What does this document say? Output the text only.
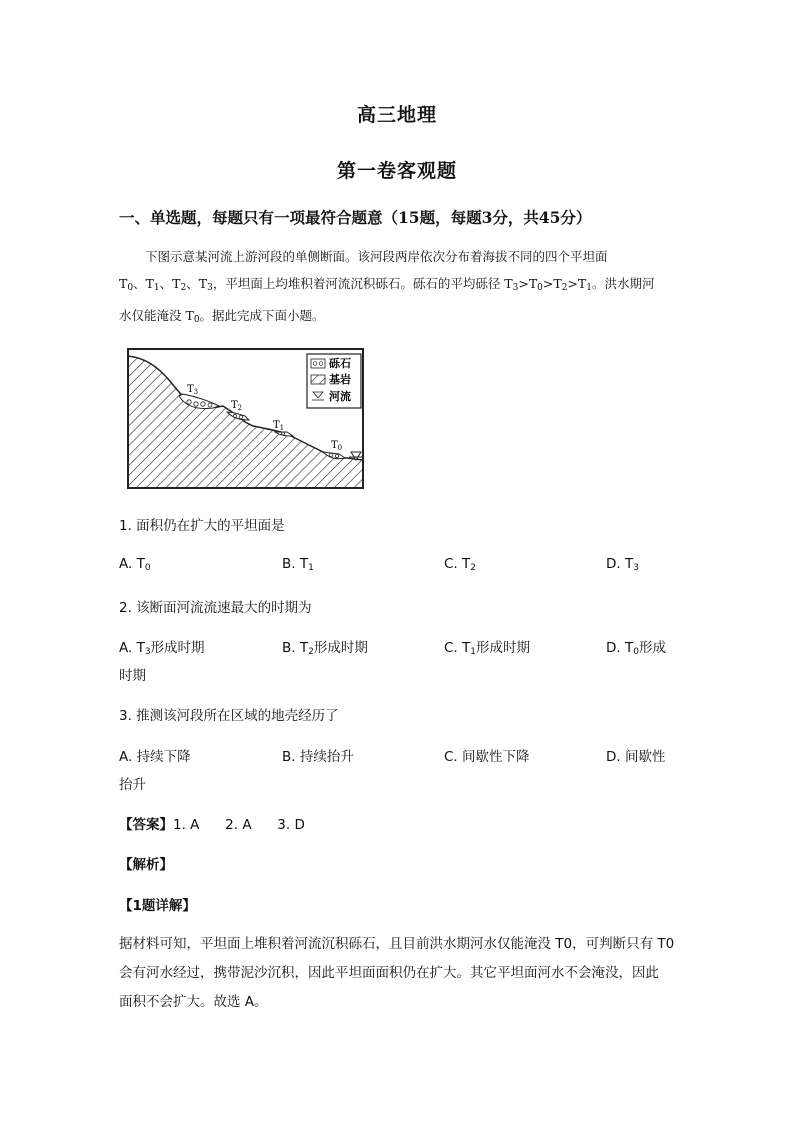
高三地理
第一卷客观题
一、单选题，每题只有一项最符合题意（15题，每题3分，共45分）

下图示意某河流上游河段的单侧断面。该河段两岸依次分布着海拔不同的四个平坦面

$T_0$、$T_1$、$T_2$、$T_3$，平坦面上均堆积着河流沉积砾石。砾石的平均砾径 $T_3>T_0>T_2>T_1$。洪水期河

水仅能淹没 $T_0$。据此完成下面小题。

$T_3$
$T_2$
$T_1$
$T_0$
砾石
基岩
河流
1. 面积仍在扩大的平坦面是
A. $T_0$	B. $T_1$	C. $T_2$	D. $T_3$
2. 该断面河流流速最大的时期为
A. $T_3$形成时期	B. $T_2$形成时期	C. $T_1$形成时期	D. $T_0$形成
时期
3. 推测该河段所在区域的地壳经历了
A. 持续下降	B. 持续抬升	C. 间歇性下降	D. 间歇性
抬升
【答案】1. A      2. A      3. D
【解析】
【1题详解】
据材料可知，平坦面上堆积着河流沉积砾石，且目前洪水期河水仅能淹没 T0，可判断只有 T0
会有河水经过，携带泥沙沉积，因此平坦面面积仍在扩大。其它平坦面河水不会淹没，因此
面积不会扩大。故选 A。
